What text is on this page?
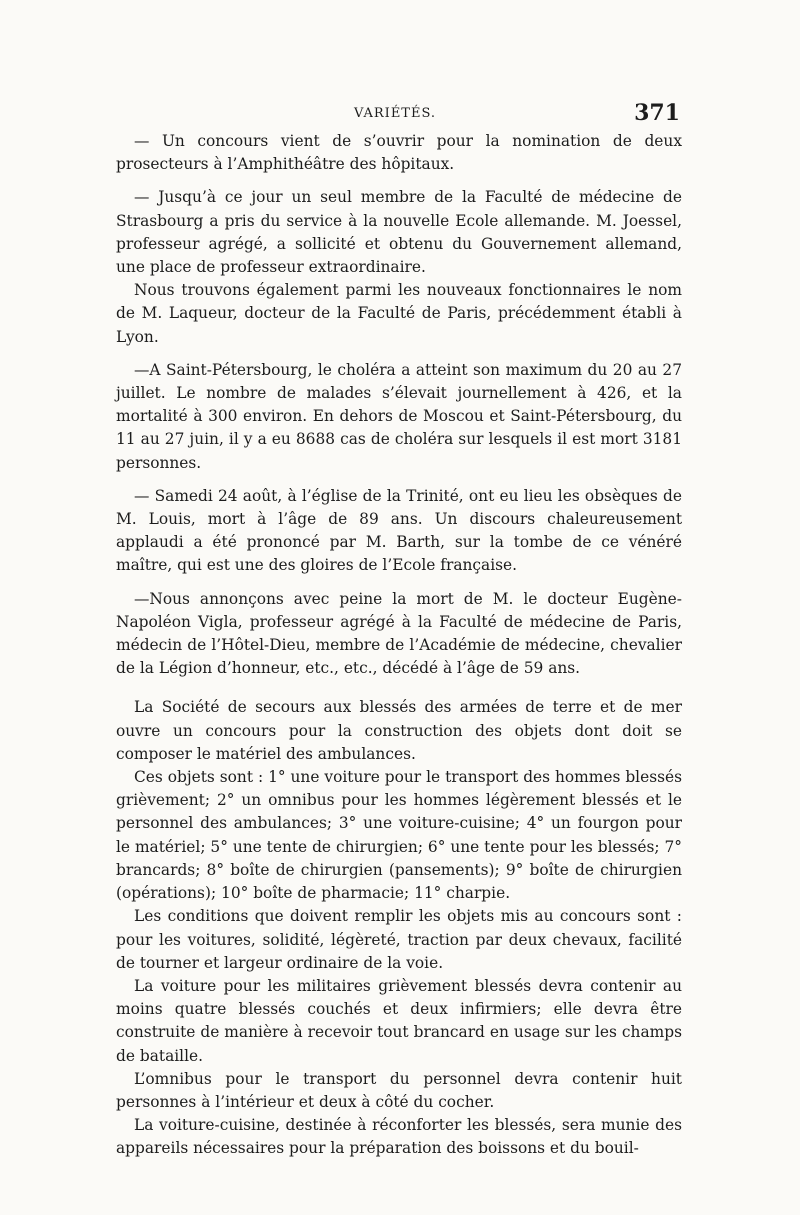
VARIÉTÉS.	371

— Un concours vient de s’ouvrir pour la nomination de deux prosecteurs à l’Amphithéâtre des hôpitaux.

— Jusqu’à ce jour un seul membre de la Faculté de médecine de Strasbourg a pris du service à la nouvelle Ecole allemande. M. Joessel, professeur agrégé, a sollicité et obtenu du Gouvernement allemand, une place de professeur extraordinaire.

Nous trouvons également parmi les nouveaux fonctionnaires le nom de M. Laqueur, docteur de la Faculté de Paris, précédemment établi à Lyon.

—A Saint-Pétersbourg, le choléra a atteint son maximum du 20 au 27 juillet. Le nombre de malades s’élevait journellement à 426, et la mortalité à 300 environ. En dehors de Moscou et Saint-Pétersbourg, du 11 au 27 juin, il y a eu 8688 cas de choléra sur lesquels il est mort 3181 personnes.

— Samedi 24 août, à l’église de la Trinité, ont eu lieu les obsèques de M. Louis, mort à l’âge de 89 ans. Un discours chaleureusement applaudi a été prononcé par M. Barth, sur la tombe de ce vénéré maître, qui est une des gloires de l’Ecole française.

—Nous annonçons avec peine la mort de M. le docteur Eugène-Napoléon Vigla, professeur agrégé à la Faculté de médecine de Paris, médecin de l’Hôtel-Dieu, membre de l’Académie de médecine, chevalier de la Légion d’honneur, etc., etc., décédé à l’âge de 59 ans.

La Société de secours aux blessés des armées de terre et de mer ouvre un concours pour la construction des objets dont doit se composer le matériel des ambulances.

Ces objets sont : 1° une voiture pour le transport des hommes blessés grièvement; 2° un omnibus pour les hommes légèrement blessés et le personnel des ambulances; 3° une voiture-cuisine; 4° un fourgon pour le matériel; 5° une tente de chirurgien; 6° une tente pour les blessés; 7° brancards; 8° boîte de chirurgien (pansements); 9° boîte de chirurgien (opérations); 10° boîte de pharmacie; 11° charpie.

Les conditions que doivent remplir les objets mis au concours sont : pour les voitures, solidité, légèreté, traction par deux chevaux, facilité de tourner et largeur ordinaire de la voie.

La voiture pour les militaires grièvement blessés devra contenir au moins quatre blessés couchés et deux infirmiers; elle devra être construite de manière à recevoir tout brancard en usage sur les champs de bataille.

L’omnibus pour le transport du personnel devra contenir huit personnes à l’intérieur et deux à côté du cocher.

La voiture-cuisine, destinée à réconforter les blessés, sera munie des appareils nécessaires pour la préparation des boissons et du bouil-
